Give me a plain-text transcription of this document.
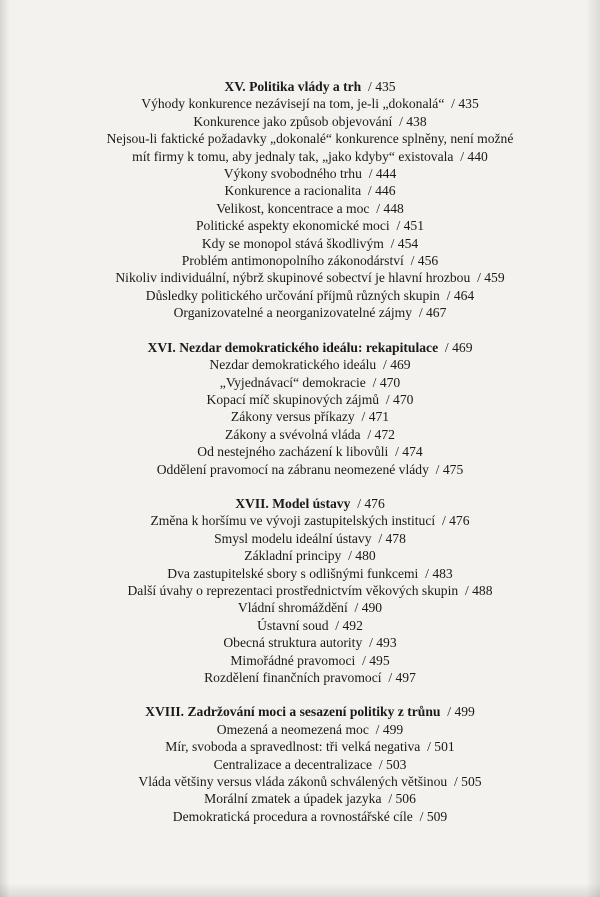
XV. Politika vlády a trh / 435
Výhody konkurence nezávisejí na tom, je-li „dokonalá“ / 435
Konkurence jako způsob objevování / 438
Nejsou-li faktické požadavky „dokonalé“ konkurence splněny, není možné
mít firmy k tomu, aby jednaly tak, „jako kdyby“ existovala / 440
Výkony svobodného trhu / 444
Konkurence a racionalita / 446
Velikost, koncentrace a moc / 448
Politické aspekty ekonomické moci / 451
Kdy se monopol stává škodlivým / 454
Problém antimonopolního zákonodárství / 456
Nikoliv individuální, nýbrž skupinové sobectví je hlavní hrozbou / 459
Důsledky politického určování příjmů různých skupin / 464
Organizovatelné a neorganizovatelné zájmy / 467
XVI. Nezdar demokratického ideálu: rekapitulace / 469
Nezdar demokratického ideálu / 469
„Vyjednávací“ demokracie / 470
Kopací míč skupinových zájmů / 470
Zákony versus příkazy / 471
Zákony a svévolná vláda / 472
Od nestejného zacházení k libovůli / 474
Oddělení pravomocí na zábranu neomezené vlády / 475
XVII. Model ústavy / 476
Změna k horšímu ve vývoji zastupitelských institucí / 476
Smysl modelu ideální ústavy / 478
Základní principy / 480
Dva zastupitelské sbory s odlišnými funkcemi / 483
Další úvahy o reprezentaci prostřednictvím věkových skupin / 488
Vládní shromáždění / 490
Ústavní soud / 492
Obecná struktura autority / 493
Mimořádné pravomoci / 495
Rozdělení finančních pravomocí / 497
XVIII. Zadržování moci a sesazení politiky z trůnu / 499
Omezená a neomezená moc / 499
Mír, svoboda a spravedlnost: tři velká negativa / 501
Centralizace a decentralizace / 503
Vláda většiny versus vláda zákonů schválených většinou / 505
Morální zmatek a úpadek jazyka / 506
Demokratická procedura a rovnostářské cíle / 509
